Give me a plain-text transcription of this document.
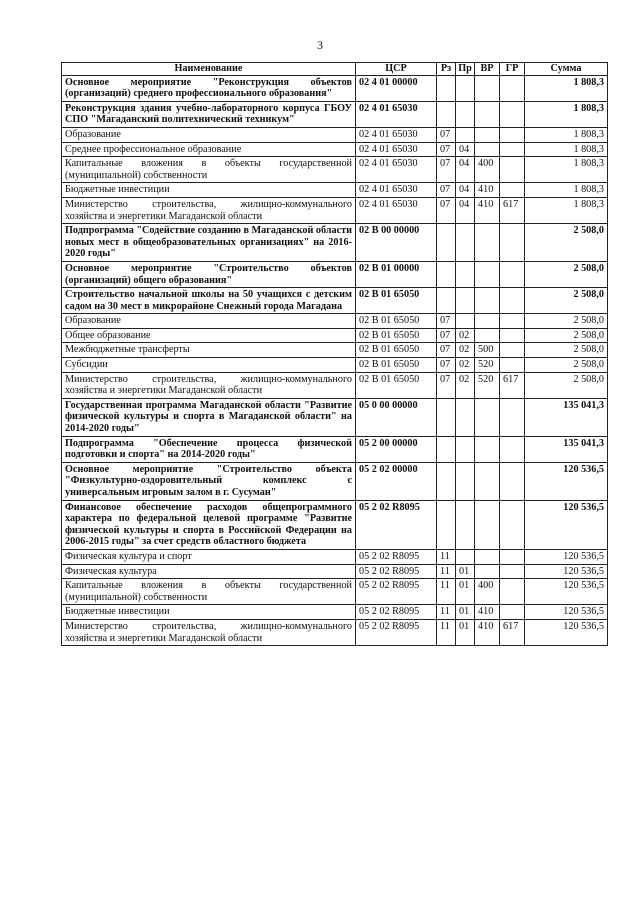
3
Наименование	ЦСР	Рз	Пр	ВР	ГР	Сумма
Основное мероприятие "Реконструкция объектов (организаций) среднего профессионального образования"	02 4 01 00000					1 808,3
Реконструкция здания учебно-лабораторного корпуса ГБОУ СПО "Магаданский политехнический техникум"	02 4 01 65030					1 808,3
Образование	02 4 01 65030	07				1 808,3
Среднее профессиональное образование	02 4 01 65030	07	04			1 808,3
Капитальные вложения в объекты государственной (муниципальной) собственности	02 4 01 65030	07	04	400		1 808,3
Бюджетные инвестиции	02 4 01 65030	07	04	410		1 808,3
Министерство строительства, жилищно-коммунального хозяйства и энергетики Магаданской области	02 4 01 65030	07	04	410	617	1 808,3
Подпрограмма "Содействие созданию в Магаданской области новых мест в общеобразовательных организациях" на 2016-2020 годы"	02 В 00 00000					2 508,0
Основное мероприятие "Строительство объектов (организаций) общего образования"	02 В 01 00000					2 508,0
Строительство начальной школы на 50 учащихся с детским садом на 30 мест в микрорайоне Снежный города Магадана	02 В 01 65050					2 508,0
Образование	02 В 01 65050	07				2 508,0
Общее образование	02 В 01 65050	07	02			2 508,0
Межбюджетные трансферты	02 В 01 65050	07	02	500		2 508,0
Субсидии	02 В 01 65050	07	02	520		2 508,0
Министерство строительства, жилищно-коммунального хозяйства и энергетики Магаданской области	02 В 01 65050	07	02	520	617	2 508,0
Государственная программа Магаданской области "Развитие физической культуры и спорта в Магаданской области" на 2014-2020 годы"	05 0 00 00000					135 041,3
Подпрограмма "Обеспечение процесса физической подготовки и спорта" на 2014-2020 годы"	05 2 00 00000					135 041,3
Основное мероприятие "Строительство объекта "Физкультурно-оздоровительный комплекс с универсальным игровым залом в г. Сусуман"	05 2 02 00000					120 536,5
Финансовое обеспечение расходов общепрограммного характера по федеральной целевой программе "Развитие физической культуры и спорта в Российской Федерации на 2006-2015 годы" за счет средств областного бюджета	05 2 02 R8095					120 536,5
Физическая культура и спорт	05 2 02 R8095	11				120 536,5
Физическая культура	05 2 02 R8095	11	01			120 536,5
Капитальные вложения в объекты государственной (муниципальной) собственности	05 2 02 R8095	11	01	400		120 536,5
Бюджетные инвестиции	05 2 02 R8095	11	01	410		120 536,5
Министерство строительства, жилищно-коммунального хозяйства и энергетики Магаданской области	05 2 02 R8095	11	01	410	617	120 536,5
